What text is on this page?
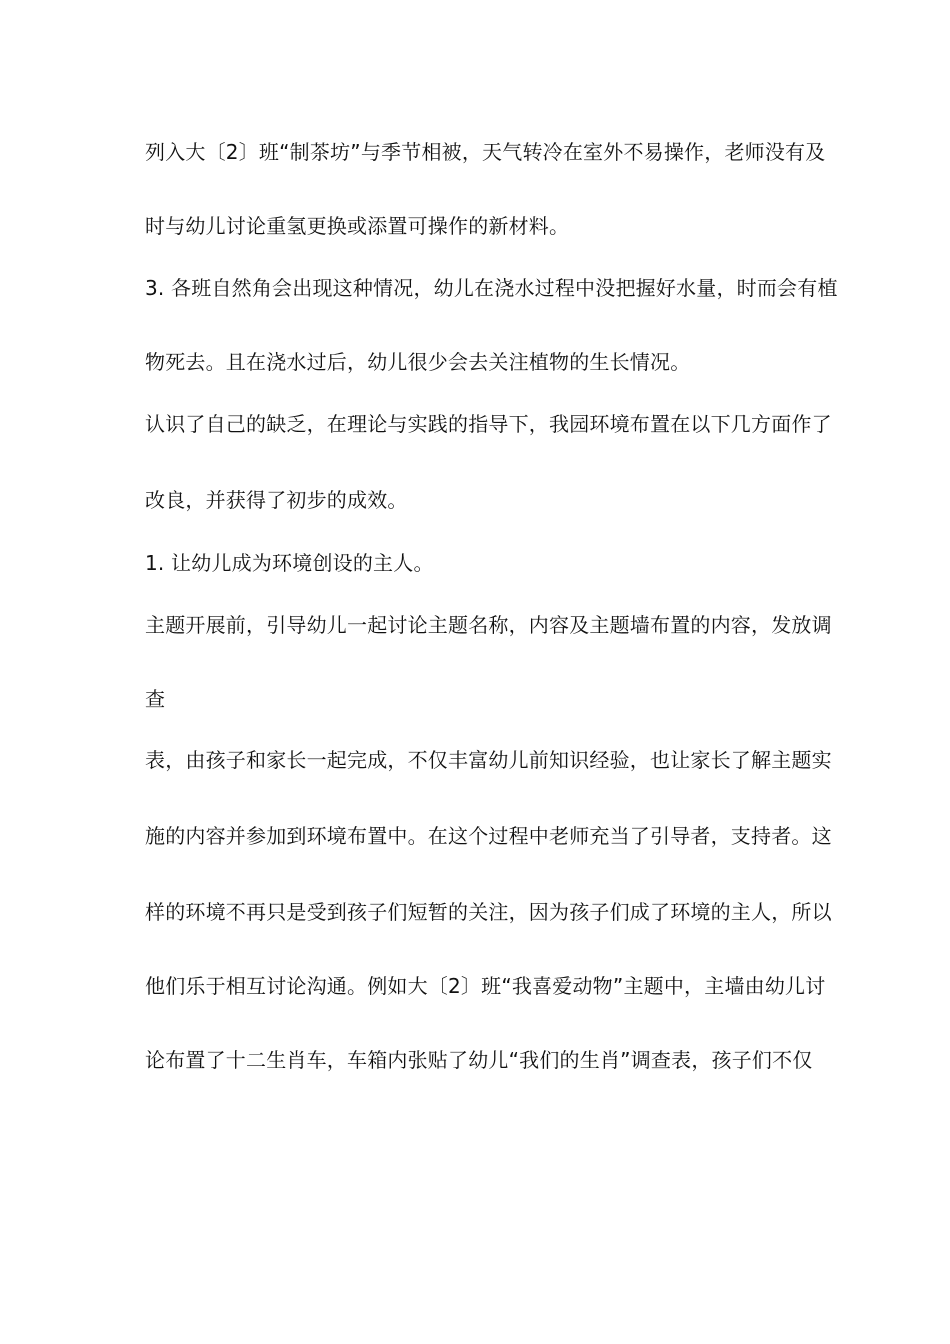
列入大〔2〕班“制茶坊”与季节相被，天气转冷在室外不易操作，老师没有及
时与幼儿讨论重氢更换或添置可操作的新材料。
3. 各班自然角会出现这种情况，幼儿在浇水过程中没把握好水量，时而会有植
物死去。且在浇水过后，幼儿很少会去关注植物的生长情况。
认识了自己的缺乏，在理论与实践的指导下，我园环境布置在以下几方面作了
改良，并获得了初步的成效。
1. 让幼儿成为环境创设的主人。
主题开展前，引导幼儿一起讨论主题名称，内容及主题墙布置的内容，发放调
查
表，由孩子和家长一起完成，不仅丰富幼儿前知识经验，也让家长了解主题实
施的内容并参加到环境布置中。在这个过程中老师充当了引导者，支持者。这
样的环境不再只是受到孩子们短暂的关注，因为孩子们成了环境的主人，所以
他们乐于相互讨论沟通。例如大〔2〕班“我喜爱动物”主题中，主墙由幼儿讨
论布置了十二生肖车，车箱内张贴了幼儿“我们的生肖”调查表，孩子们不仅
